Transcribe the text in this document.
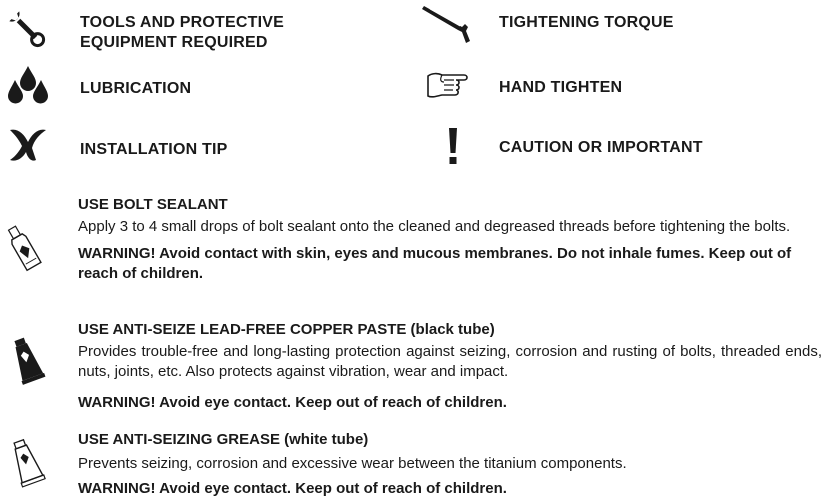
TOOLS AND PROTECTIVE
EQUIPMENT REQUIRED
TIGHTENING TORQUE
LUBRICATION	HAND TIGHTEN
INSTALLATION TIP	CAUTION OR IMPORTANT
USE BOLT SEALANT
Apply 3 to 4 small drops of bolt sealant onto the cleaned and degreased threads before tightening the bolts.
WARNING! Avoid contact with skin, eyes and mucous membranes. Do not inhale fumes. Keep out of reach of children.
USE ANTI-SEIZE LEAD-FREE COPPER PASTE (black tube)
Provides trouble-free and long-lasting protection against seizing, corrosion and rusting of bolts, threaded ends, nuts, joints, etc. Also protects against vibration, wear and impact.
WARNING! Avoid eye contact. Keep out of reach of children.
USE ANTI-SEIZING GREASE (white tube)
Prevents seizing, corrosion and excessive wear between the titanium components.
WARNING! Avoid eye contact. Keep out of reach of children.
